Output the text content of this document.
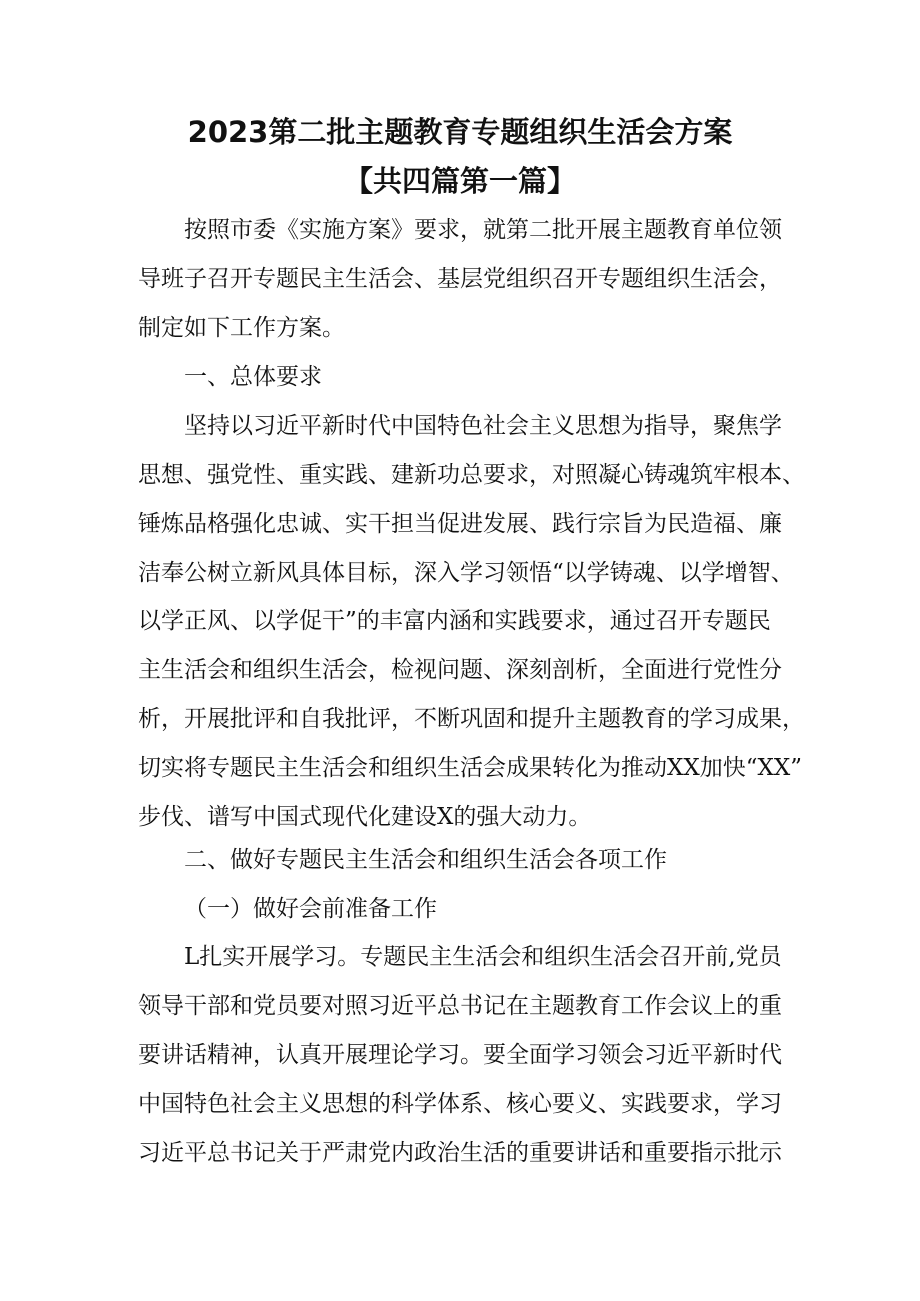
2023第二批主题教育专题组织生活会方案
【共四篇第一篇】
按照市委《实施方案》要求，就第二批开展主题教育单位领
导班子召开专题民主生活会、基层党组织召开专题组织生活会，
制定如下工作方案。
一、总体要求
坚持以习近平新时代中国特色社会主义思想为指导，聚焦学
思想、强党性、重实践、建新功总要求，对照凝心铸魂筑牢根本、
锤炼品格强化忠诚、实干担当促进发展、践行宗旨为民造福、廉
洁奉公树立新风具体目标，深入学习领悟“以学铸魂、以学增智、
以学正风、以学促干”的丰富内涵和实践要求，通过召开专题民
主生活会和组织生活会，检视问题、深刻剖析，全面进行党性分
析，开展批评和自我批评，不断巩固和提升主题教育的学习成果，
切实将专题民主生活会和组织生活会成果转化为推动XX加快“XX”
步伐、谱写中国式现代化建设X的强大动力。
二、做好专题民主生活会和组织生活会各项工作
（一）做好会前准备工作
L扎实开展学习。专题民主生活会和组织生活会召开前,党员
领导干部和党员要对照习近平总书记在主题教育工作会议上的重
要讲话精神，认真开展理论学习。要全面学习领会习近平新时代
中国特色社会主义思想的科学体系、核心要义、实践要求，学习
习近平总书记关于严肃党内政治生活的重要讲话和重要指示批示
